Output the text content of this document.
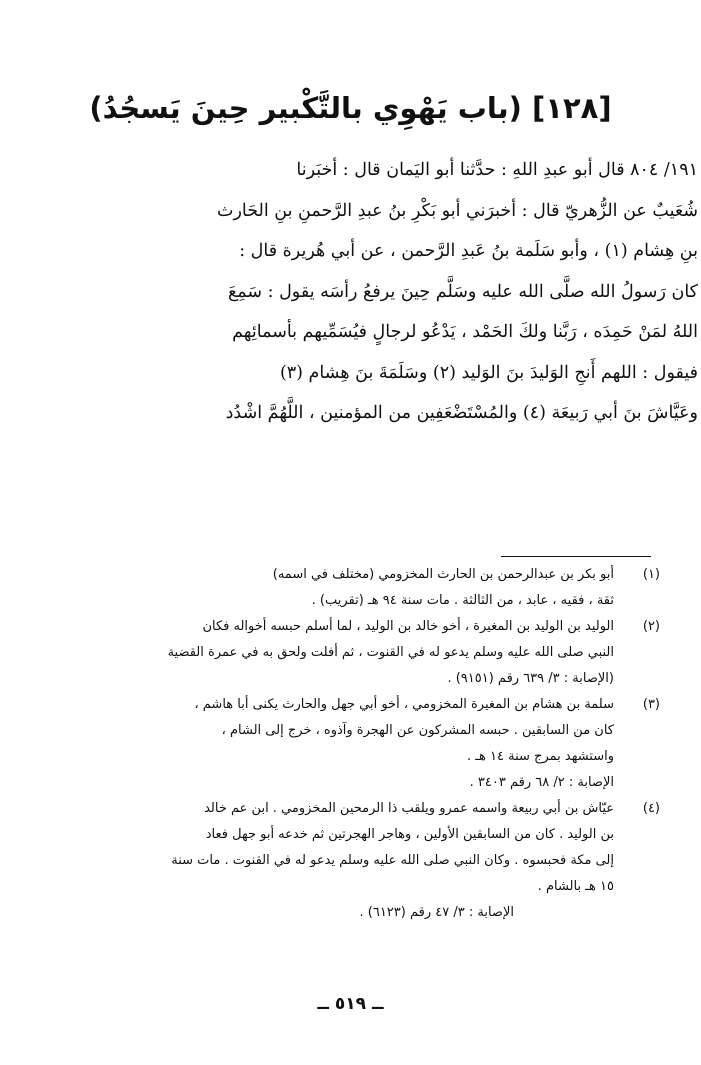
[١٢٨] (باب يَهْوِي بالتَّكْبير حِينَ يَسجُدُ)

١٩١/ ٨٠٤ قال أبو عبدِ اللهِ : حدَّثنا أبو اليَمان قال : أخبَرنا

شُعَيبٌ عن الزُّهريّ قال : أخبرَني أبو بَكْرِ بنُ عبدِ الرَّحمنِ بنِ الحَارث

بنِ هِشام (١) ، وأبو سَلَمة بنُ عَبدِ الرَّحمن ، عن أبي هُريرة قال :

كان رَسولُ الله صلَّى الله عليه وسَلَّم حِينَ يرفعُ رأسَه يقول : سَمِعَ

اللهُ لمَنْ حَمِدَه ، رَبَّنا ولكَ الحَمْد ، يَدْعُو لرجالٍ فيُسَمِّيهم بأسمائِهم

فيقول : اللهم أَنجِ الوَليدَ بنَ الوَليد (٢) وسَلَمَةَ بنَ هِشام (٣)

وعَيَّاشَ بنَ أبي رَبيعَة (٤) والمُسْتَضْعَفِين من المؤمنين ، اللَّهُمَّ اشْدُد

(١)
أبو بكر بن عبدالرحمن بن الحارث المخزومي (مختلف في اسمه)
ثقة ، فقيه ، عابد ، من الثالثة . مات سنة ٩٤ هـ (تقريب) .
(٢)
الوليد بن الوليد بن المغيرة ، أخو خالد بن الوليد ، لما أسلم حبسه أخواله فكان
النبي صلى الله عليه وسلم يدعو له في القنوت ، ثم أفلت ولحق به في عمرة القضية
(الإصابة : ٣/ ٦٣٩ رقم (٩١٥١) .
(٣)
سلمة بن هشام بن المغيرة المخزومي ، أخو أبي جهل والحارث يكنى أبا هاشم ،
كان من السابقين . حبسه المشركون عن الهجرة وآذوه ، خرج إلى الشام ،
واستشهد بمرج سنة ١٤ هـ .
الإصابة : ٢/ ٦٨ رقم ٣٤٠٣ .
(٤)
عيّاش بن أبي ربيعة واسمه عمرو ويلقب ذا الرمحين المخزومي . ابن عم خالد
بن الوليد . كان من السابقين الأولين ، وهاجر الهجرتين ثم خدعه أبو جهل فعاد
إلى مكة فحبسوه . وكان النبي صلى الله عليه وسلم يدعو له في القنوت . مات سنة
١٥ هـ بالشام .
الإصابة : ٣/ ٤٧ رقم (٦١٢٣) .
ــ ٥١٩ ــ
